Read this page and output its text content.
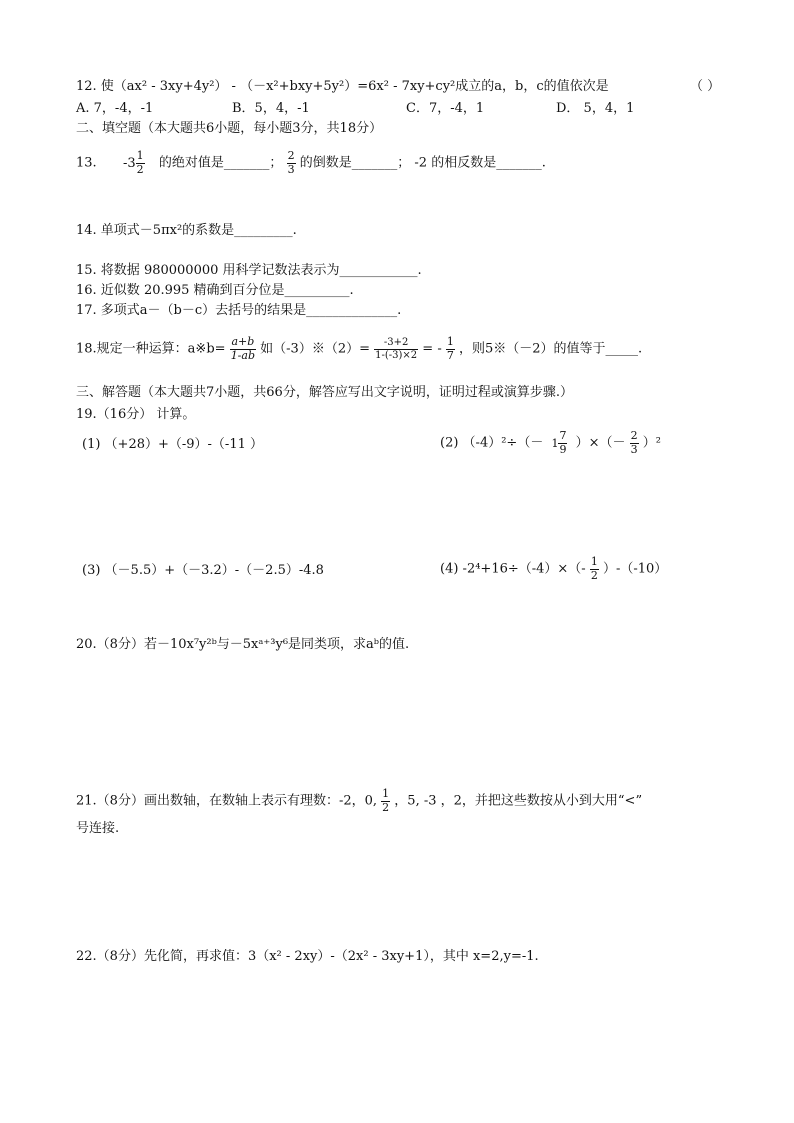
12. 使（ax² - 3xy+4y²） - （－x²+bxy+5y²）=6x² - 7xy+cy²成立的a，b，c的值依次是	（ ）
A. 7，-4，-1	B．5，4，-1	C．7，-4，1	D． 5，4，1
二、填空题（本大题共6小题，每小题3分，共18分）
13. $-3 \frac{1}{2}$ 的绝对值是_______； $\frac{2}{3}$ 的倒数是_______； -2 的相反数是_______.
14. 单项式－5πx²的系数是_________.
15. 将数据 980000000 用科学记数法表示为____________.
16. 近似数 20.995 精确到百分位是__________.
17. 多项式a－（b－c）去括号的结果是______________.
18.规定一种运算：a※b= $\frac{a+b}{1-ab}$ 如（-3）※（2）= $\frac{-3+2}{1-(-3)\times 2}$ = - $\frac{1}{7}$ ，则5※（－2）的值等于_____.
三、解答题（本大题共7小题，共66分，解答应写出文字说明，证明过程或演算步骤.）
19.（16分） 计算。
(1) （+28）+（-9）-（-11 ）	(2) $(-4)^2\div(- 1 \frac{7}{9}$ ）×（－ $\frac{2}{3} )^2$
(3) （－5.5）+（－3.2）-（－2.5）-4.8	(4) $-2^4+16\div(-4)\times(- \frac{1}{2} )-(-10)$
20.（8分）若－10x⁷y²ᵇ与－5xᵃ⁺³y⁶是同类项，求aᵇ的值.
21.（8分）画出数轴，在数轴上表示有理数：-2，0, $\frac{1}{2}$ ，5, -3 ，2，并把这些数按从小到大用“<”
号连接.
22.（8分）先化简，再求值：3（x² - 2xy）-（2x² - 3xy+1），其中 x=2,y=-1.
